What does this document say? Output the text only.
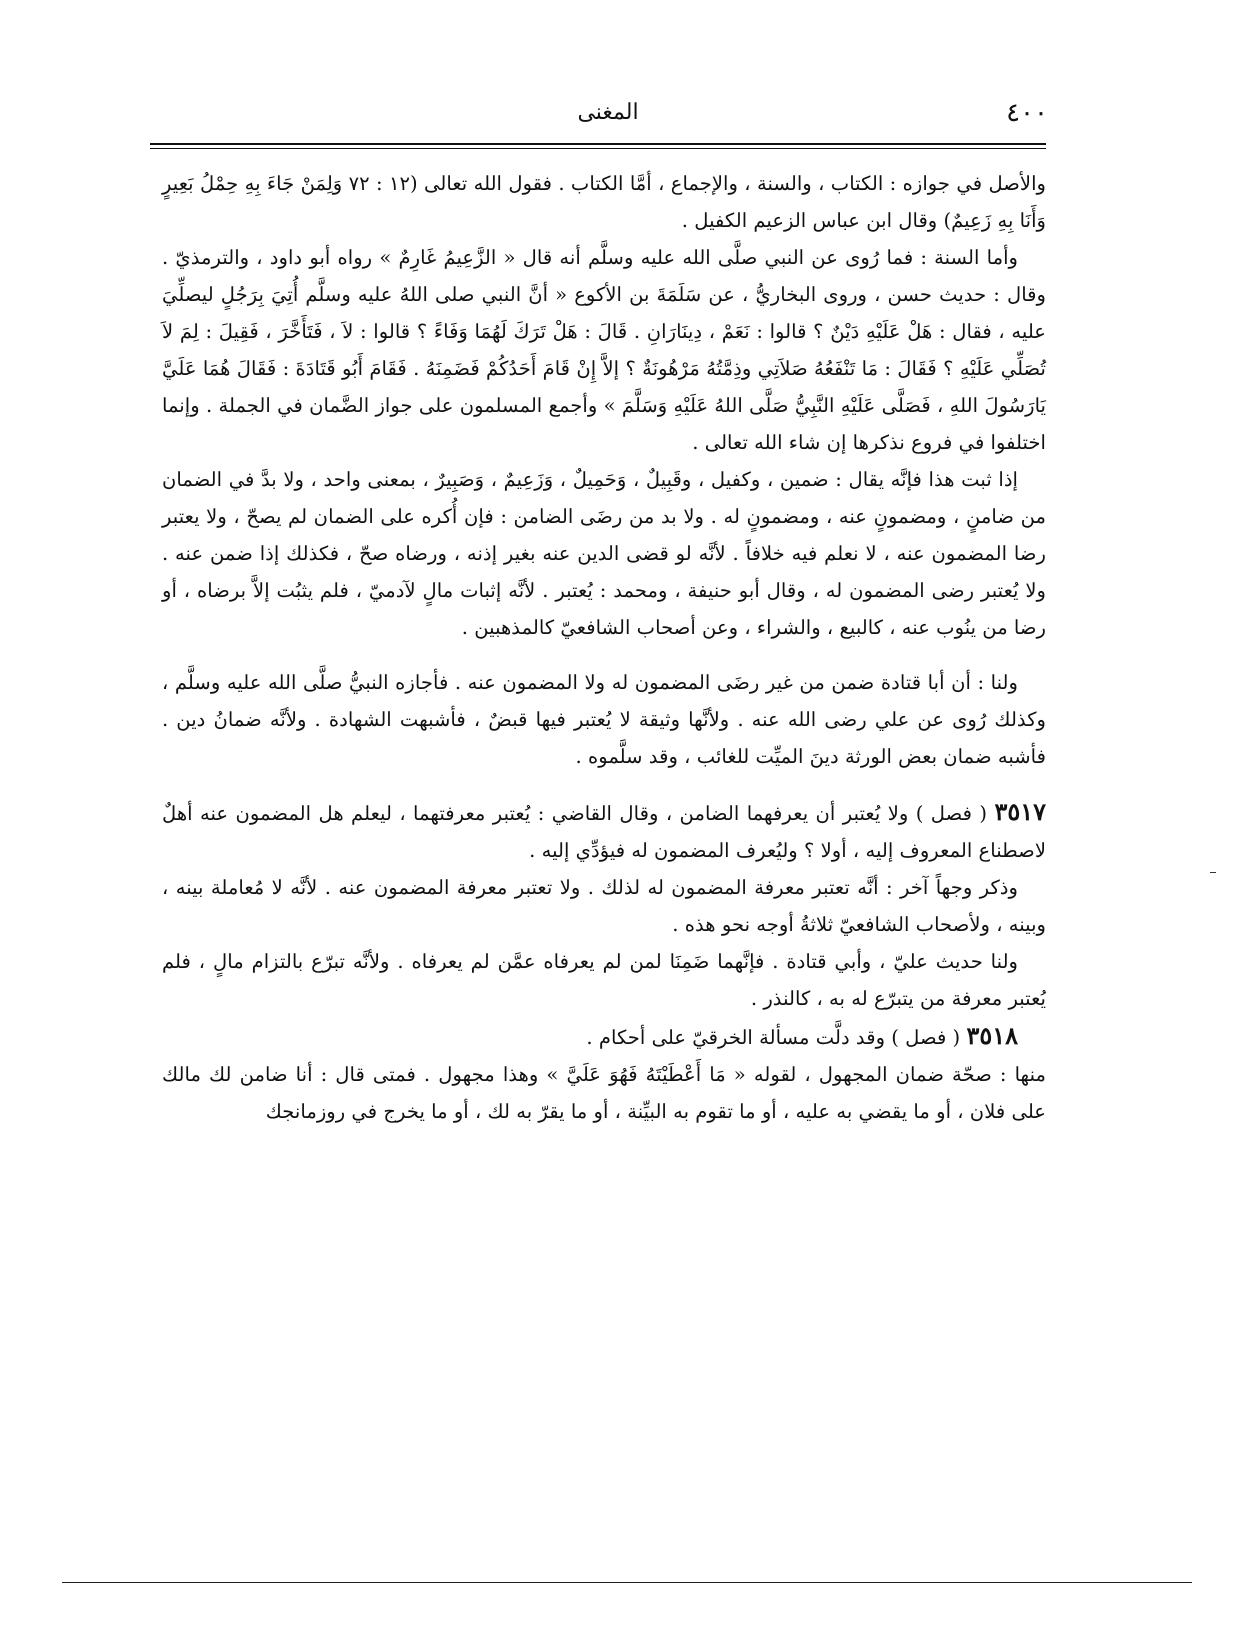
٤٠٠
المغنى

والأصل في جوازه : الكتاب ، والسنة ، والإجماع ، أمَّا الكتاب . فقول الله تعالى (١٢ : ٧٢ وَلِمَنْ جَاءَ بِهِ حِمْلُ بَعِيرٍ وَأَنَا بِهِ زَعِيمٌ) وقال ابن عباس الزعيم الكفيل .

وأما السنة : فما رُوى عن النبي صلَّى الله عليه وسلَّم أنه قال « الزَّعِيمُ غَارِمٌ » رواه أبو داود ، والترمذيّ . وقال : حديث حسن ، وروى البخاريُّ ، عن سَلَمَةَ بن الأكوع « أنَّ النبي صلى اللهُ عليه وسلَّم أُتِيَ بِرَجُلٍ ليصلِّيَ عليه ، فقال : هَلْ عَلَيْهِ دَيْنٌ ؟ قالوا : نَعَمْ ، دِينَارَانِ . قَالَ : هَلْ تَرَكَ لَهُمَا وَفَاءً ؟ قالوا : لاَ ، فَتَأَخَّرَ ، فَقِيلَ : لِمَ لاَ تُصَلِّي عَلَيْهِ ؟ فَقَالَ : مَا تَنْفَعُهُ صَلاَتِي وذِمَّتُهُ مَرْهُونَةٌ ؟ إلاَّ إِنْ قَامَ أَحَدُكُمْ فَضَمِنَهُ . فَقَامَ أَبُو قَتَادَةَ : فَقَالَ هُمَا عَلَيَّ يَارَسُولَ اللهِ ، فَصَلَّى عَلَيْهِ النَّبِيُّ صَلَّى اللهُ عَلَيْهِ وَسَلَّمَ » وأجمع المسلمون على جواز الضَّمان في الجملة . وإنما اختلفوا في فروع نذكرها إن شاء الله تعالى .

إذا ثبت هذا فإنَّه يقال : ضمين ، وكفيل ، وقَبِيلٌ ، وَحَمِيلٌ ، وَزَعِيمٌ ، وَصَبِيرٌ ، بمعنى واحد ، ولا بدَّ في الضمان من ضامنٍ ، ومضمونٍ عنه ، ومضمونٍ له . ولا بد من رضَى الضامن : فإن أُكره على الضمان لم يصحّ ، ولا يعتبر رضا المضمون عنه ، لا نعلم فيه خلافاً . لأنَّه لو قضى الدين عنه بغير إذنه ، ورضاه صحّ ، فكذلك إذا ضمن عنه . ولا يُعتبر رضى المضمون له ، وقال أبو حنيفة ، ومحمد : يُعتبر . لأنَّه إثبات مالٍ لآدميّ ، فلم يثبُت إلاَّ برضاه ، أو رضا من ينُوب عنه ، كالبيع ، والشراء ، وعن أصحاب الشافعيّ كالمذهبين .

ولنا : أن أبا قتادة ضمن من غير رضَى المضمون له ولا المضمون عنه . فأجازه النبيُّ صلَّى الله عليه وسلَّم ، وكذلك رُوى عن علي رضى الله عنه . ولأنَّها وثيقة لا يُعتبر فيها قبضٌ ، فأشبهت الشهادة . ولأنَّه ضمانُ دين . فأشبه ضمان بعض الورثة دينَ الميِّت للغائب ، وقد سلَّموه .

٣٥١٧ ( فصل ) ولا يُعتبر أن يعرفهما الضامن ، وقال القاضي : يُعتبر معرفتهما ، ليعلم هل المضمون عنه أهلٌ لاصطناع المعروف إليه ، أولا ؟ وليُعرف المضمون له فيؤدِّي إليه .

وذكر وجهاً آخر : أنَّه تعتبر معرفة المضمون له لذلك . ولا تعتبر معرفة المضمون عنه . لأنَّه لا مُعاملة بينه ، وبينه ، ولأصحاب الشافعيّ ثلاثةُ أوجه نحو هذه .

ولنا حديث عليّ ، وأبي قتادة . فإنَّهما ضَمِنَا لمن لم يعرفاه عمَّن لم يعرفاه . ولأنَّه تبرّع بالتزام مالٍ ، فلم يُعتبر معرفة من يتبرّع له به ، كالنذر .

٣٥١٨ ( فصل ) وقد دلَّت مسألة الخرقيّ على أحكام .

منها : صحّة ضمان المجهول ، لقوله « مَا أَعْطَيْتَهُ فَهُوَ عَلَيَّ » وهذا مجهول . فمتى قال : أنا ضامن لك مالك على فلان ، أو ما يقضي به عليه ، أو ما تقوم به البيِّنة ، أو ما يقرّ به لك ، أو ما يخرج في روزمانجك
